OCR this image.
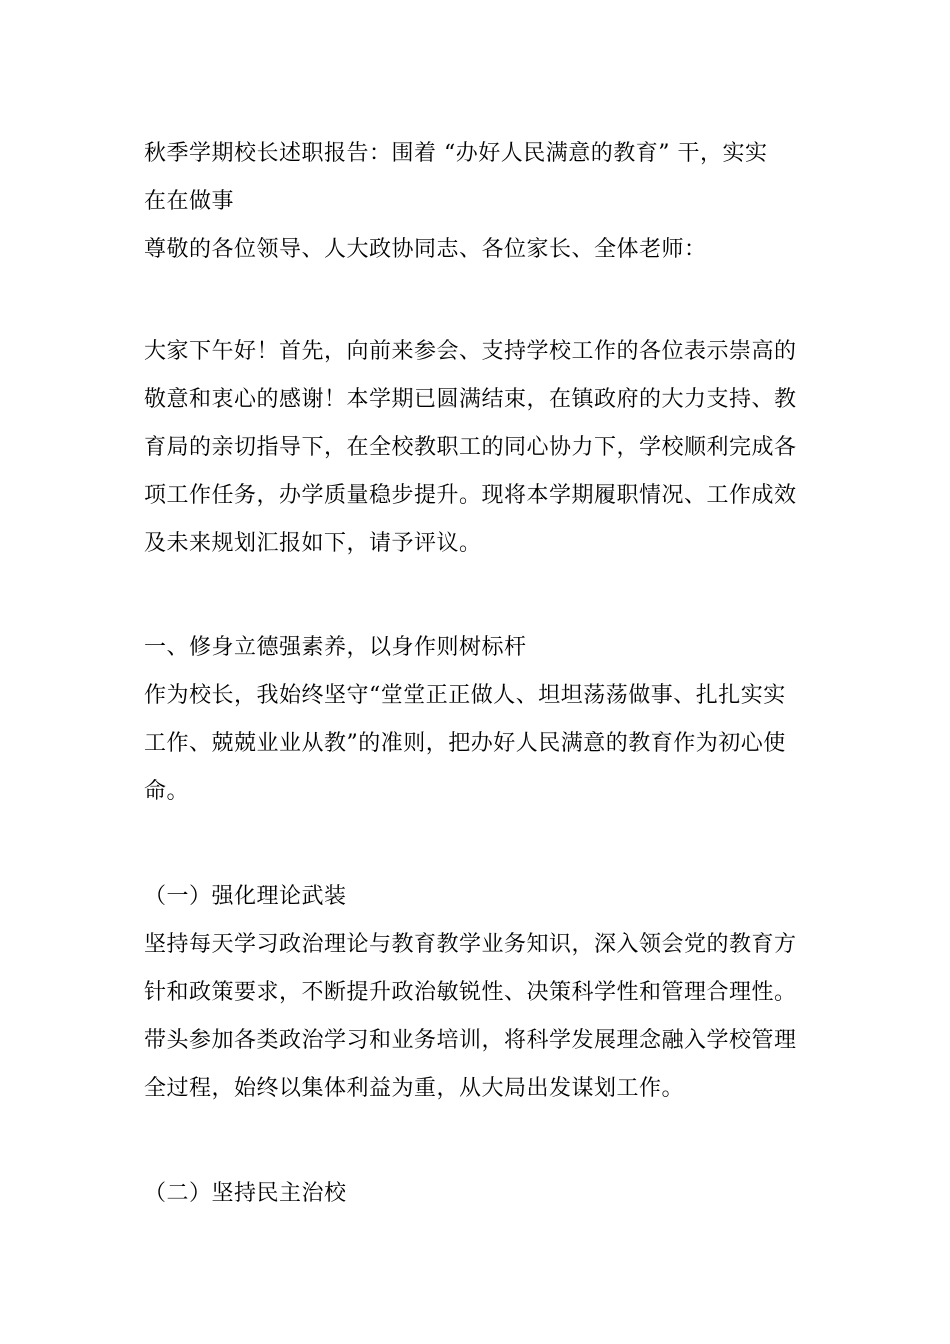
秋季学期校长述职报告：围着 “办好人民满意的教育” 干，实实
在在做事
尊敬的各位领导、人大政协同志、各位家长、全体老师：
大家下午好！首先，向前来参会、支持学校工作的各位表示崇高的
敬意和衷心的感谢！本学期已圆满结束，在镇政府的大力支持、教
育局的亲切指导下，在全校教职工的同心协力下，学校顺利完成各
项工作任务，办学质量稳步提升。现将本学期履职情况、工作成效
及未来规划汇报如下，请予评议。
一、修身立德强素养，以身作则树标杆
作为校长，我始终坚守“堂堂正正做人、坦坦荡荡做事、扎扎实实
工作、兢兢业业从教”的准则，把办好人民满意的教育作为初心使
命。
（一）强化理论武装
坚持每天学习政治理论与教育教学业务知识，深入领会党的教育方
针和政策要求，不断提升政治敏锐性、决策科学性和管理合理性。
带头参加各类政治学习和业务培训，将科学发展理念融入学校管理
全过程，始终以集体利益为重，从大局出发谋划工作。
（二）坚持民主治校
